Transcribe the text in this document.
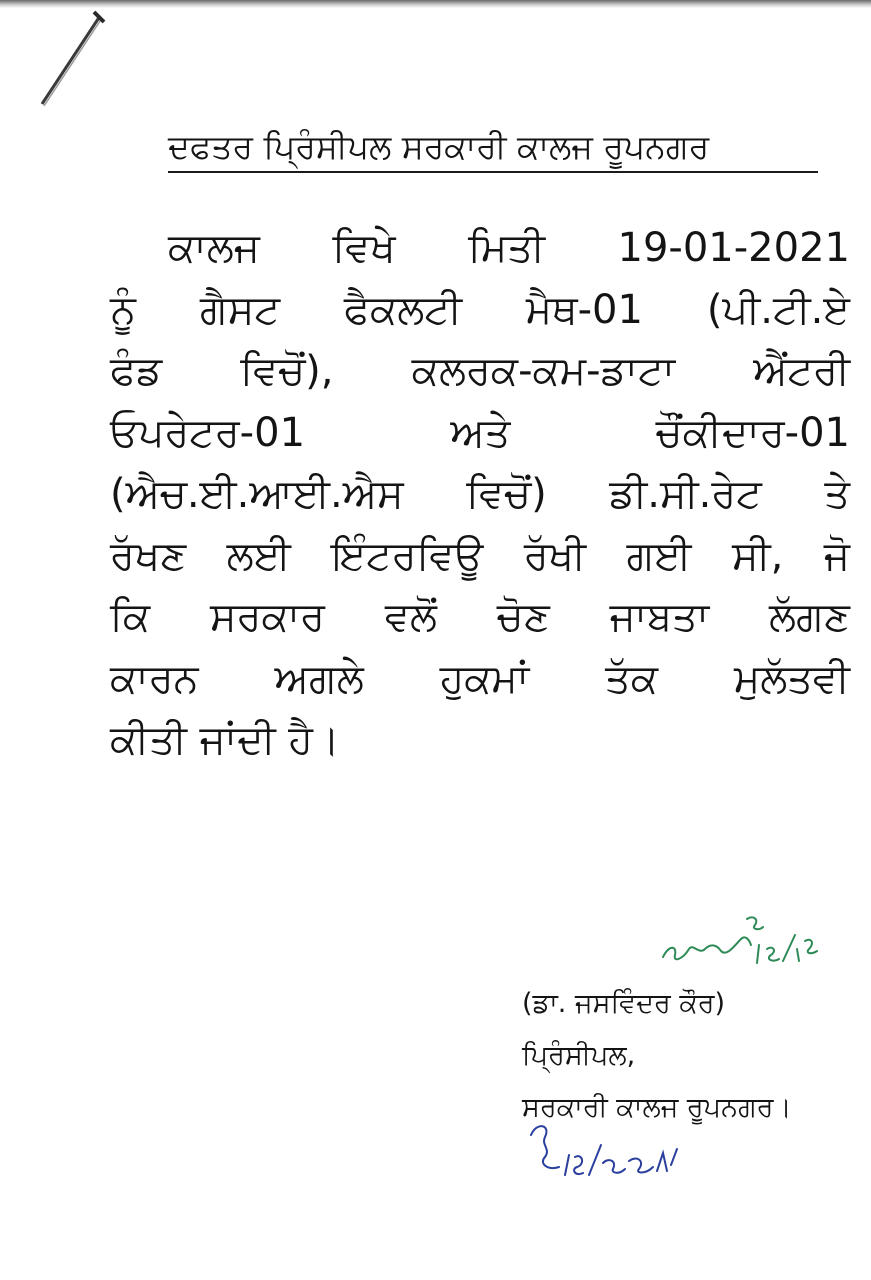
ਦਫਤਰ ਪ੍ਰਿੰਸੀਪਲ ਸਰਕਾਰੀ ਕਾਲਜ ਰੂਪਨਗਰ
ਕਾਲਜ ਵਿਖੇ ਮਿਤੀ 19-01-2021
ਨੂੰ ਗੈਸਟ ਫੈਕਲਟੀ ਮੈਥ-01 (ਪੀ.ਟੀ.ਏ
ਫੰਡ ਵਿਚੋਂ), ਕਲਰਕ-ਕਮ-ਡਾਟਾ ਐਂਟਰੀ
ਓਪਰੇਟਰ-01	ਅਤੇ	ਚੌਂਕੀਦਾਰ-01
(ਐਚ.ਈ.ਆਈ.ਐਸ ਵਿਚੋਂ) ਡੀ.ਸੀ.ਰੇਟ ਤੇ
ਰੱਖਣ ਲਈ ਇੰਟਰਵਿਊ ਰੱਖੀ ਗਈ ਸੀ, ਜੋ
ਕਿ ਸਰਕਾਰ ਵਲੋਂ ਚੋਣ ਜਾਬਤਾ ਲੱਗਣ
ਕਾਰਨ ਅਗਲੇ ਹੁਕਮਾਂ ਤੱਕ ਮੁਲੱਤਵੀ
ਕੀਤੀ ਜਾਂਦੀ ਹੈ।
(ਡਾ. ਜਸਵਿੰਦਰ ਕੌਰ)
ਪ੍ਰਿੰਸੀਪਲ,
ਸਰਕਾਰੀ ਕਾਲਜ ਰੂਪਨਗਰ।
